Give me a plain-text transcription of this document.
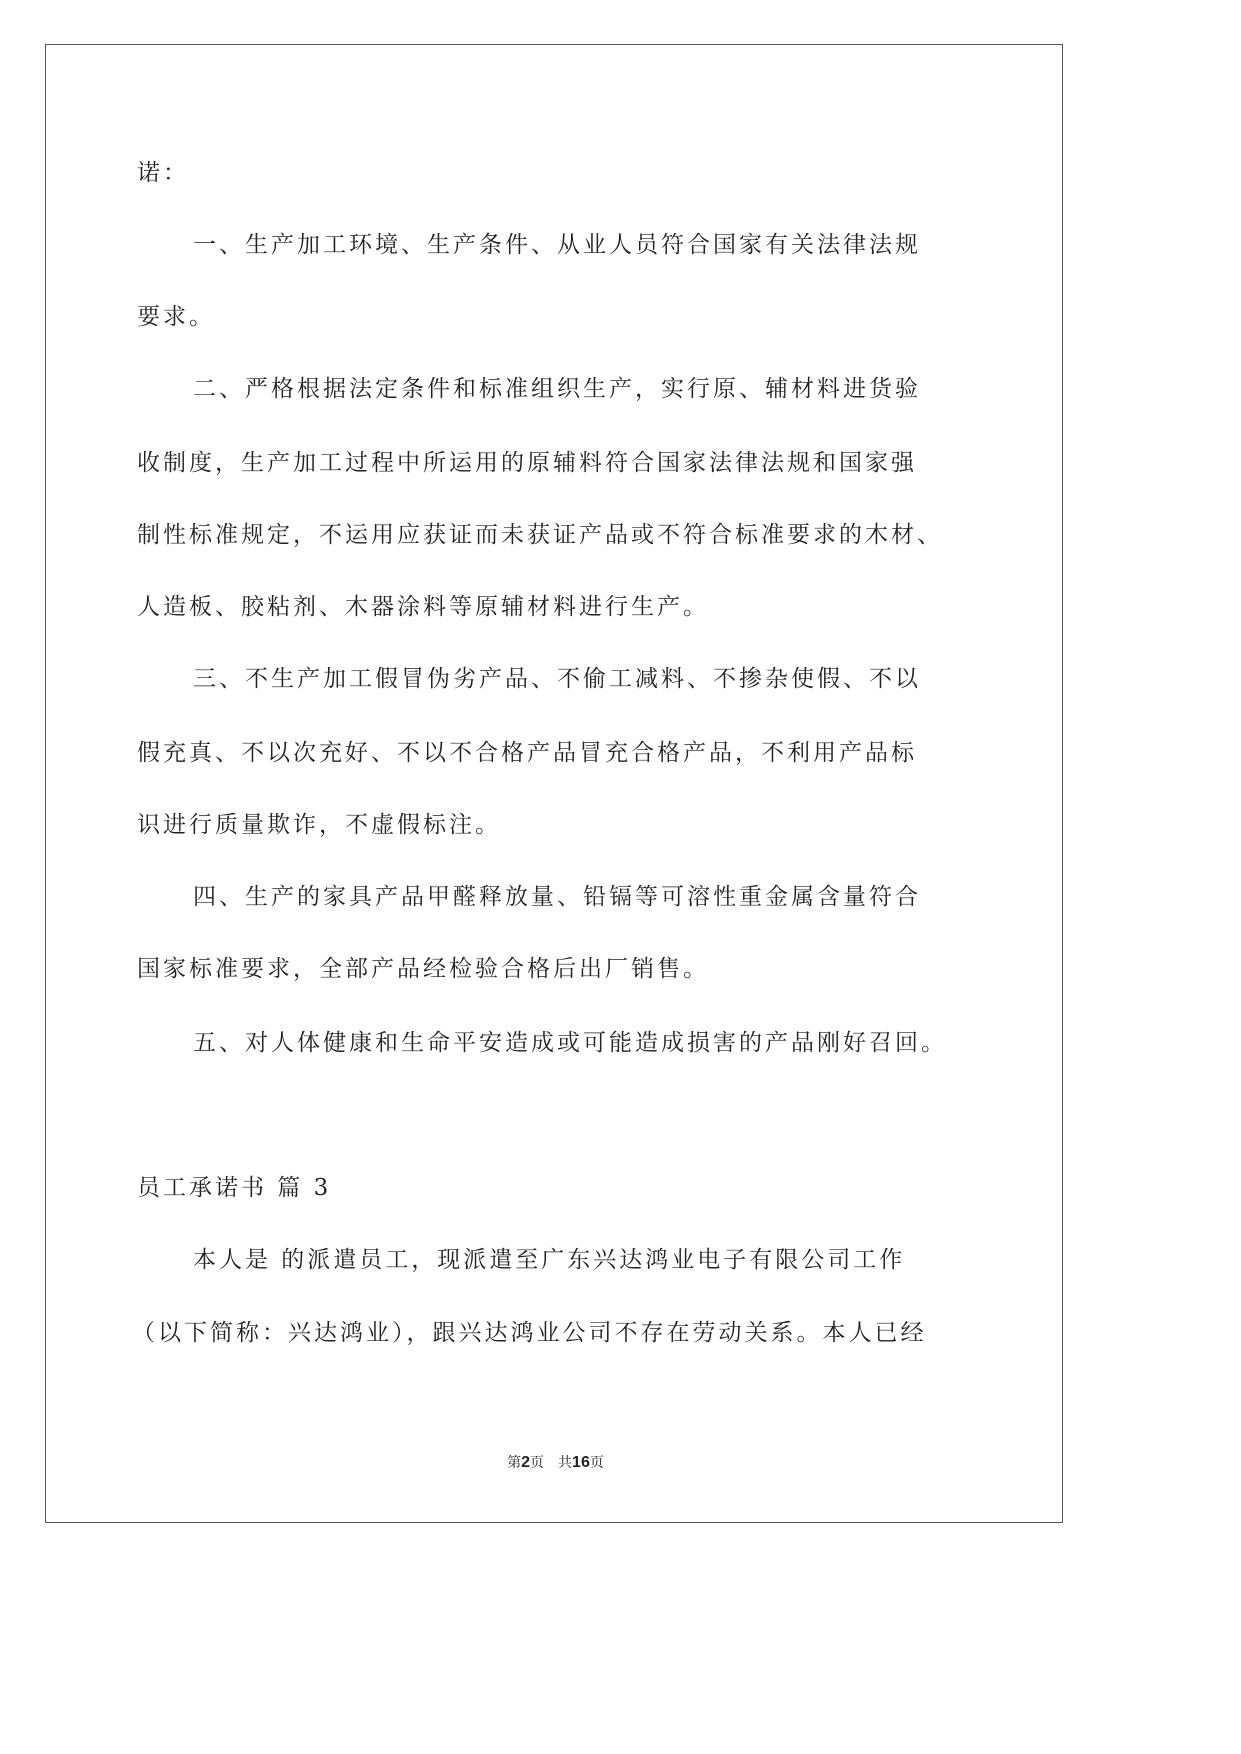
诺：
一、生产加工环境、生产条件、从业人员符合国家有关法律法规
要求。
二、严格根据法定条件和标准组织生产，实行原、辅材料进货验
收制度，生产加工过程中所运用的原辅料符合国家法律法规和国家强
制性标准规定，不运用应获证而未获证产品或不符合标准要求的木材、
人造板、胶粘剂、木器涂料等原辅材料进行生产。
三、不生产加工假冒伪劣产品、不偷工减料、不掺杂使假、不以
假充真、不以次充好、不以不合格产品冒充合格产品，不利用产品标
识进行质量欺诈，不虚假标注。
四、生产的家具产品甲醛释放量、铅镉等可溶性重金属含量符合
国家标准要求，全部产品经检验合格后出厂销售。
五、对人体健康和生命平安造成或可能造成损害的产品刚好召回。
员工承诺书 篇 3
本人是 的派遣员工，现派遣至广东兴达鸿业电子有限公司工作
（以下简称：兴达鸿业），跟兴达鸿业公司不存在劳动关系。本人已经
第2页 共16页
